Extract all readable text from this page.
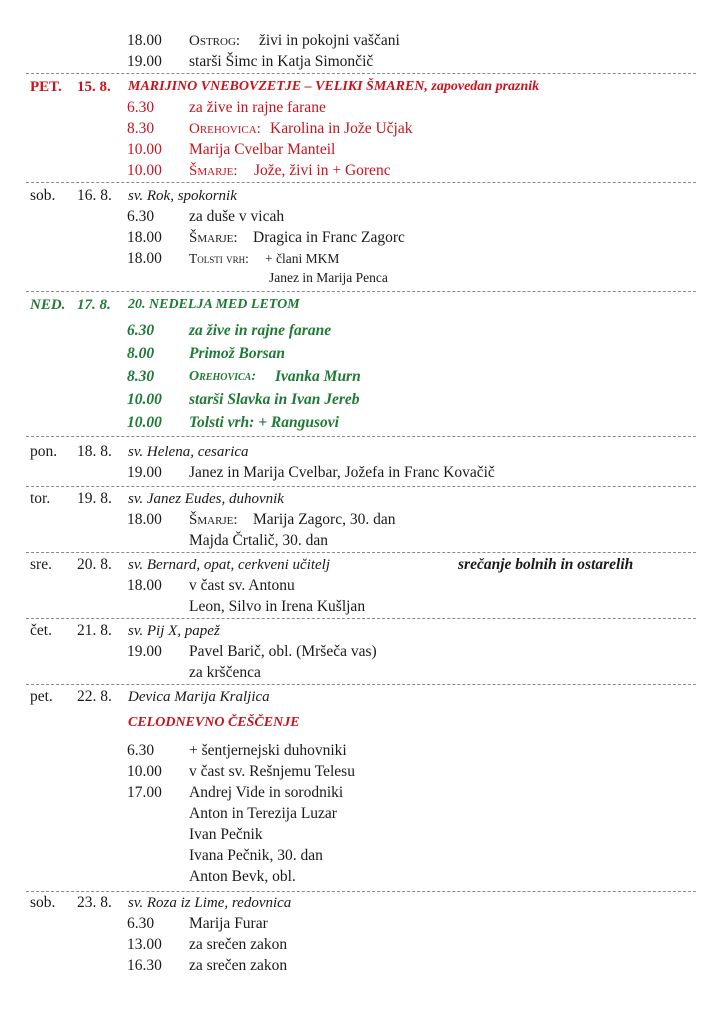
18.00 Ostrog: živi in pokojni vaščani
19.00 starši Šimc in Katja Simončič
PET. 15. 8. MARIJINO VNEBOVZETJE – VELIKI ŠMAREN, zapovedan praznik
6.30 za žive in rajne farane
8.30 Orehovica: Karolina in Jože Učjak
10.00 Marija Cvelbar Manteil
10.00 Šmarje: Jože, živi in + Gorenc
sob. 16. 8. sv. Rok, spokornik
6.30 za duše v vicah
18.00 Šmarje: Dragica in Franc Zagorc
18.00 Tolsti vrh: + člani MKM
Janez in Marija Penca
NED. 17. 8. 20. NEDELJA MED LETOM
6.30 za žive in rajne farane
8.00 Primož Borsan
8.30 Orehovica: Ivanka Murn
10.00 starši Slavka in Ivan Jereb
10.00 Tolsti vrh: + Rangusovi
pon. 18. 8. sv. Helena, cesarica
19.00 Janez in Marija Cvelbar, Jožefa in Franc Kovačič
tor. 19. 8. sv. Janez Eudes, duhovnik
18.00 Šmarje: Marija Zagorc, 30. dan
Majda Črtalič, 30. dan
sre. 20. 8. sv. Bernard, opat, cerkveni učitelj	srečanje bolnih in ostarelih
18.00 v čast sv. Antonu
Leon, Silvo in Irena Kušljan
čet. 21. 8. sv. Pij X, papež
19.00 Pavel Barič, obl. (Mršeča vas)
za krščenca
pet. 22. 8. Devica Marija Kraljica
CELODNEVNO ČEŠČENJE
6.30 + šentjernejski duhovniki
10.00 v čast sv. Rešnjemu Telesu
17.00 Andrej Vide in sorodniki
Anton in Terezija Luzar
Ivan Pečnik
Ivana Pečnik, 30. dan
Anton Bevk, obl.
sob. 23. 8. sv. Roza iz Lime, redovnica
6.30 Marija Furar
13.00 za srečen zakon
16.30 za srečen zakon
